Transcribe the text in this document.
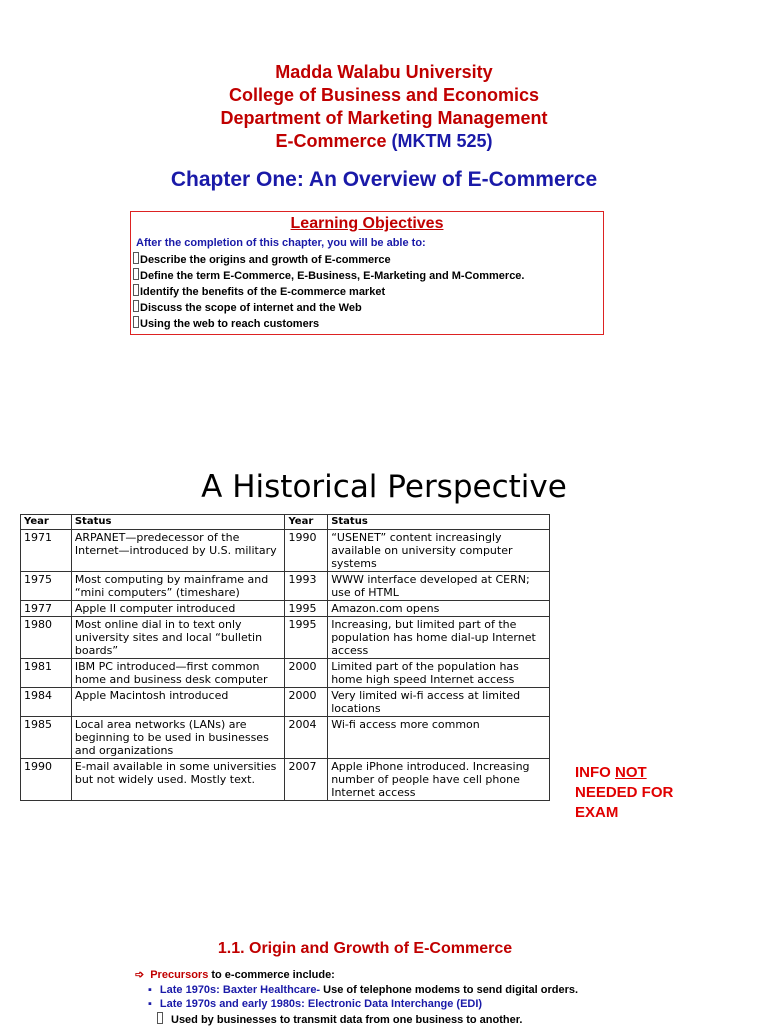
Madda Walabu University
College of Business and Economics
Department of Marketing Management
E-Commerce (MKTM 525)
Chapter One: An Overview of E-Commerce
Learning Objectives
After the completion of this chapter, you will be able to:
Describe the origins and growth of E-commerce
Define the term E-Commerce, E-Business, E-Marketing and M-Commerce.
Identify the benefits of the E-commerce market
Discuss the scope of internet and the Web
Using the web to reach customers
A Historical Perspective
Year	Status	Year	Status
1971	ARPANET—predecessor of the Internet—introduced by U.S. military	1990	“USENET” content increasingly available on university computer systems
1975	Most computing by mainframe and “mini computers” (timeshare)	1993	WWW interface developed at CERN; use of HTML
1977	Apple II computer introduced	1995	Amazon.com opens
1980	Most online dial in to text only university sites and local “bulletin boards”	1995	Increasing, but limited part of the population has home dial-up Internet access
1981	IBM PC introduced—first common home and business desk computer	2000	Limited part of the population has home high speed Internet access
1984	Apple Macintosh introduced	2000	Very limited wi-fi access at limited locations
1985	Local area networks (LANs) are beginning to be used in businesses and organizations	2004	Wi-fi access more common
1990	E-mail available in some universities but not widely used. Mostly text.	2007	Apple iPhone introduced. Increasing number of people have cell phone Internet access
INFO NOT
NEEDED FOR EXAM
1.1. Origin and Growth of E-Commerce
➩ Precursors to e-commerce include:
▪ Late 1970s: Baxter Healthcare- Use of telephone modems to send digital orders.
▪ Late 1970s and early 1980s: Electronic Data Interchange (EDI)
Used by businesses to transmit data from one business to another.
